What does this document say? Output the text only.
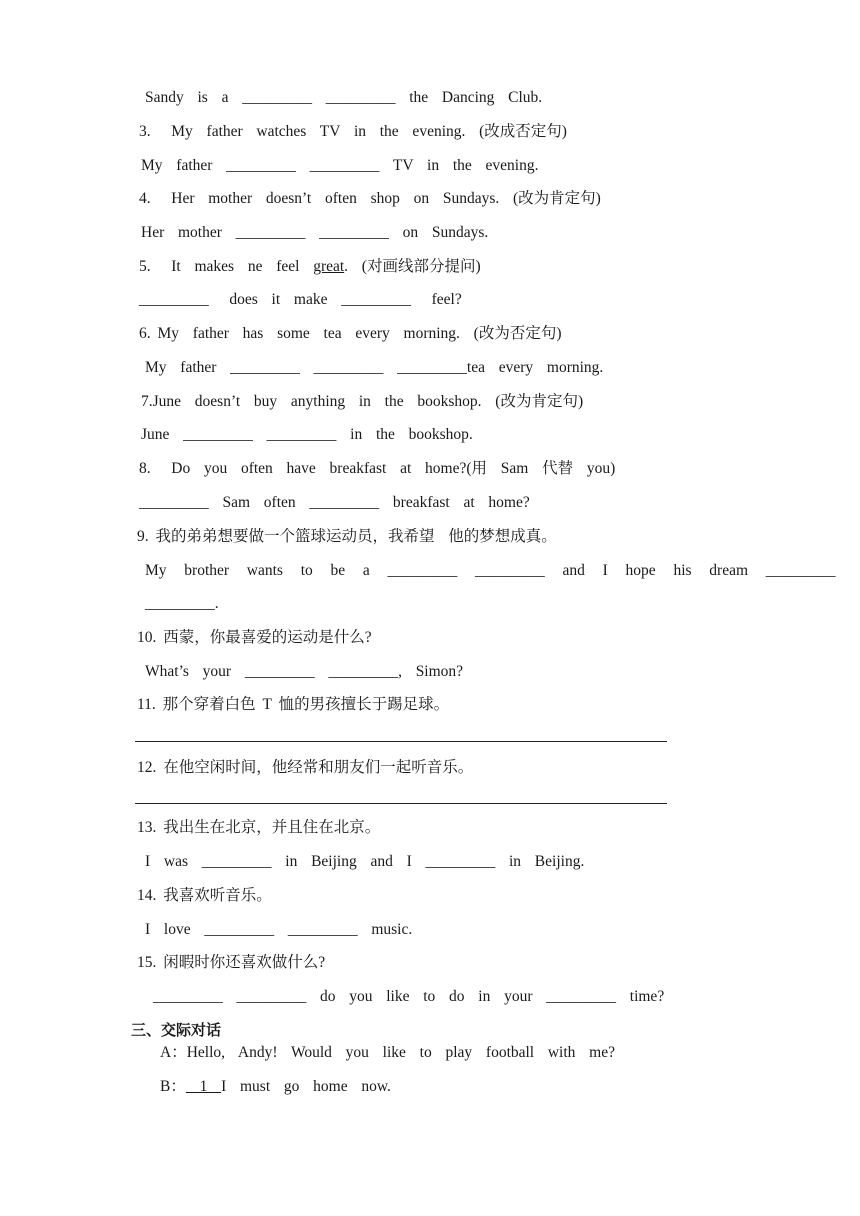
Sandy  is  a  _________  _________  the  Dancing  Club.
3.   My  father  watches  TV  in  the  evening.  (改成否定句)
My  father  _________  _________  TV  in  the  evening.
4.   Her  mother  doesn’t  often  shop  on  Sundays.  (改为肯定句)
Her  mother  _________  _________  on  Sundays.
5.   It  makes  ne  feel  great.  (对画线部分提问)
_________   does  it  make  _________   feel?
6. My  father  has  some  tea  every  morning.  (改为否定句)
My  father  _________  _________  _________tea  every  morning.
7.June  doesn’t  buy  anything  in  the  bookshop.  (改为肯定句)
June  _________  _________  in  the  bookshop.
8.   Do  you  often  have  breakfast  at  home?(用  Sam  代替  you)
_________  Sam  often  _________  breakfast  at  home?
9. 我的弟弟想要做一个篮球运动员，我希望  他的梦想成真。
My  brother  wants  to  be  a  _________  _________  and  I  hope  his  dream  _________
_________.
10. 西蒙，你最喜爱的运动是什么?
What’s  your  _________  _________,  Simon?
11. 那个穿着白色 T 恤的男孩擅长于踢足球。
12. 在他空闲时间，他经常和朋友们一起听音乐。
13. 我出生在北京，并且住在北京。
I  was  _________  in  Beijing  and  I  _________  in  Beijing.
14. 我喜欢听音乐。
I  love  _________  _________  music.
15. 闲暇时你还喜欢做什么?
_________  _________  do  you  like  to  do  in  your  _________  time?
三、交际对话
A：Hello,  Andy!  Would  you  like  to  play  football  with  me?
B：  1  I  must  go  home  now.
